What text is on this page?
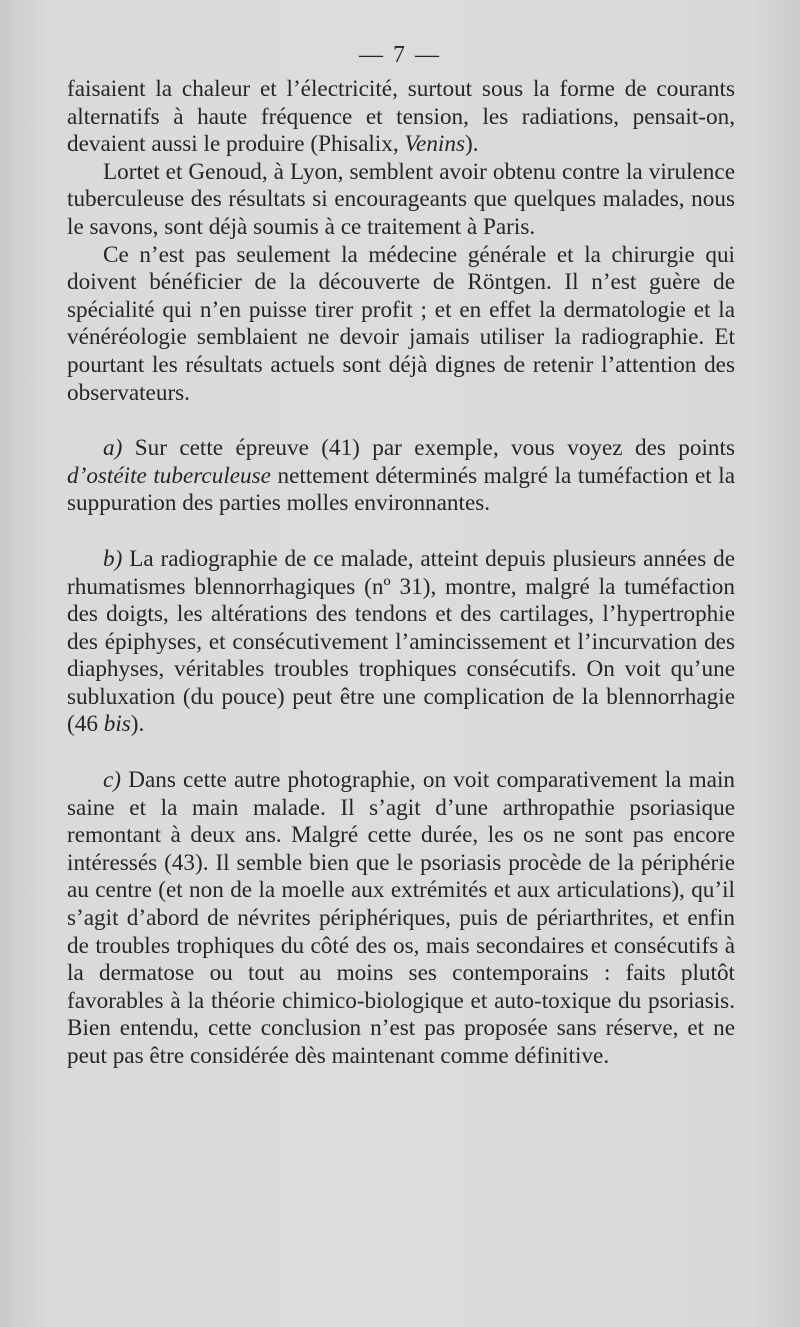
— 7 —

faisaient la chaleur et l’électricité, surtout sous la forme de courants alternatifs à haute fréquence et tension, les radiations, pensait-on, devaient aussi le produire (Phisalix, Venins).

Lortet et Genoud, à Lyon, semblent avoir obtenu contre la virulence tuberculeuse des résultats si encourageants que quelques malades, nous le savons, sont déjà soumis à ce traitement à Paris.

Ce n’est pas seulement la médecine générale et la chirurgie qui doivent bénéficier de la découverte de Röntgen. Il n’est guère de spécialité qui n’en puisse tirer profit ; et en effet la dermatologie et la vénéréologie semblaient ne devoir jamais utiliser la radiographie. Et pourtant les résultats actuels sont déjà dignes de retenir l’attention des observateurs.

a) Sur cette épreuve (41) par exemple, vous voyez des points d’ostéite tuberculeuse nettement déterminés malgré la tuméfaction et la suppuration des parties molles environnantes.

b) La radiographie de ce malade, atteint depuis plusieurs années de rhumatismes blennorrhagiques (nº 31), montre, malgré la tuméfaction des doigts, les altérations des tendons et des cartilages, l’hypertrophie des épiphyses, et consécutivement l’amincissement et l’incurvation des diaphyses, véritables troubles trophiques consécutifs. On voit qu’une subluxation (du pouce) peut être une complication de la blennorrhagie (46 bis).

c) Dans cette autre photographie, on voit comparativement la main saine et la main malade. Il s’agit d’une arthropathie psoriasique remontant à deux ans. Malgré cette durée, les os ne sont pas encore intéressés (43). Il semble bien que le psoriasis procède de la périphérie au centre (et non de la moelle aux extrémités et aux articulations), qu’il s’agit d’abord de névrites périphériques, puis de périarthrites, et enfin de troubles trophiques du côté des os, mais secondaires et consécutifs à la dermatose ou tout au moins ses contemporains : faits plutôt favorables à la théorie chimico-biologique et auto-toxique du psoriasis. Bien entendu, cette conclusion n’est pas proposée sans réserve, et ne peut pas être considérée dès maintenant comme définitive.
